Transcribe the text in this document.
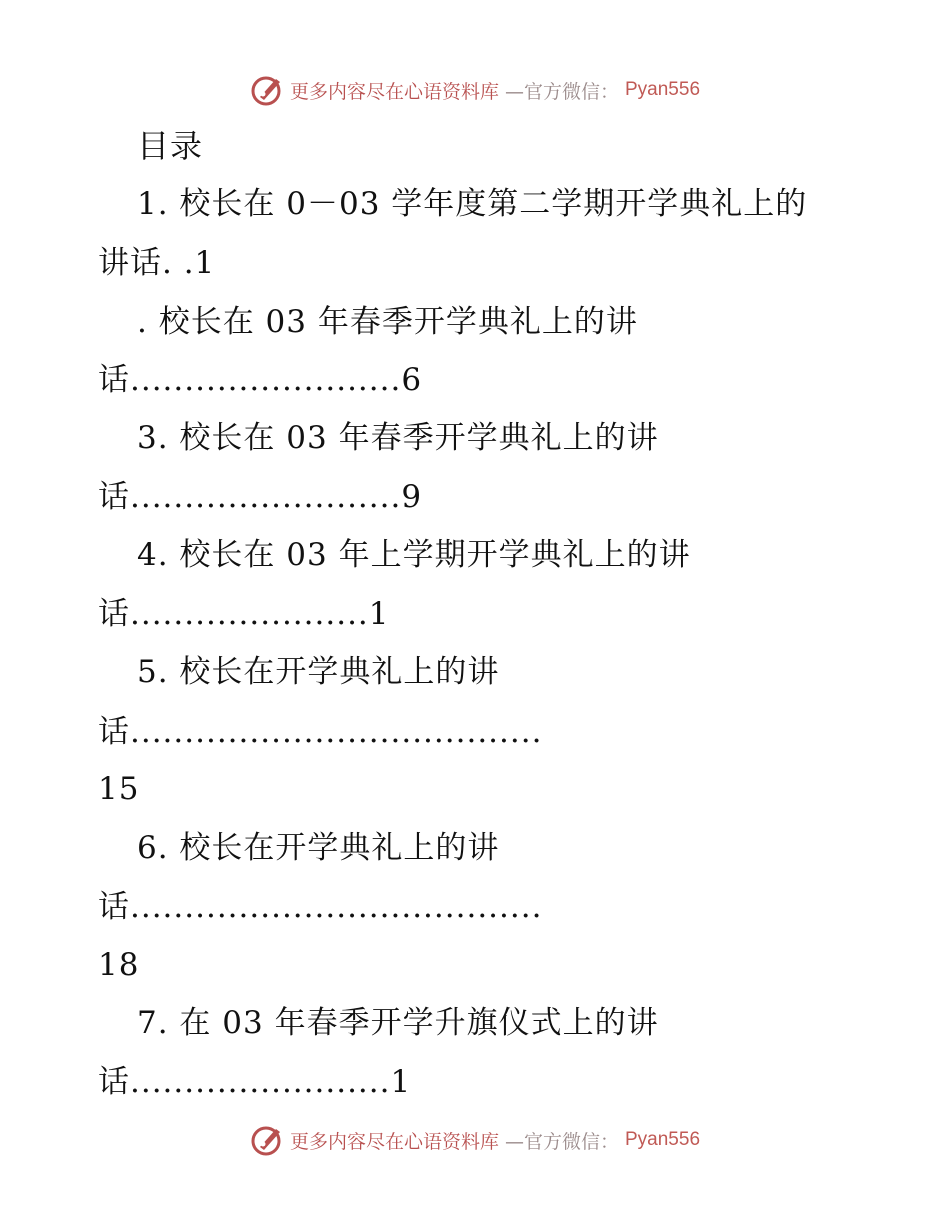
更多内容尽在心语资料库 —官方微信： Pyan556
目录
1. 校长在 0－03 学年度第二学期开学典礼上的
讲话. .1
. 校长在 03 年春季开学典礼上的讲
话.........................6
3. 校长在 03 年春季开学典礼上的讲
话.........................9
4. 校长在 03 年上学期开学典礼上的讲
话......................1
5. 校长在开学典礼上的讲
话......................................
15
6. 校长在开学典礼上的讲
话......................................
18
7. 在 03 年春季开学升旗仪式上的讲
话........................1
更多内容尽在心语资料库 —官方微信： Pyan556
